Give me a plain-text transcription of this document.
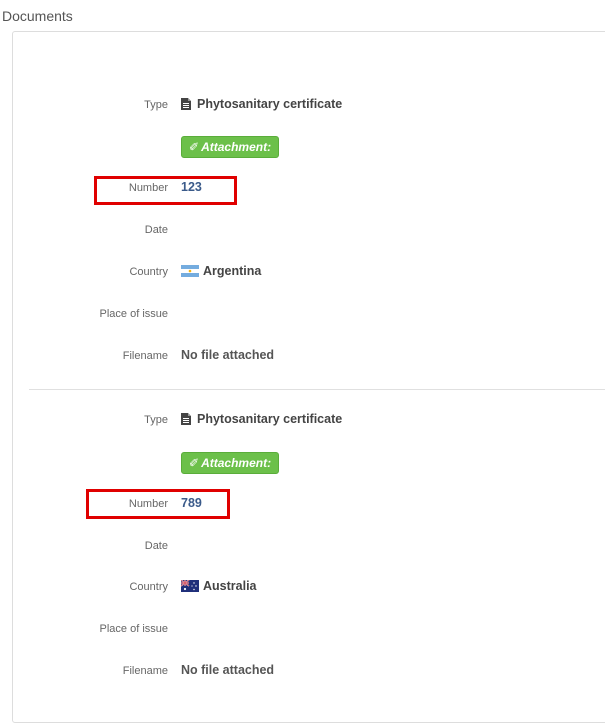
Documents
Type Phytosanitary certificate
✐ Attachment:
Number 123
Date
Country	Argentina
Place of issue
Filename No file attached
Type Phytosanitary certificate
✐ Attachment:
Number 789
Date
Country	Australia
Place of issue
Filename No file attached
